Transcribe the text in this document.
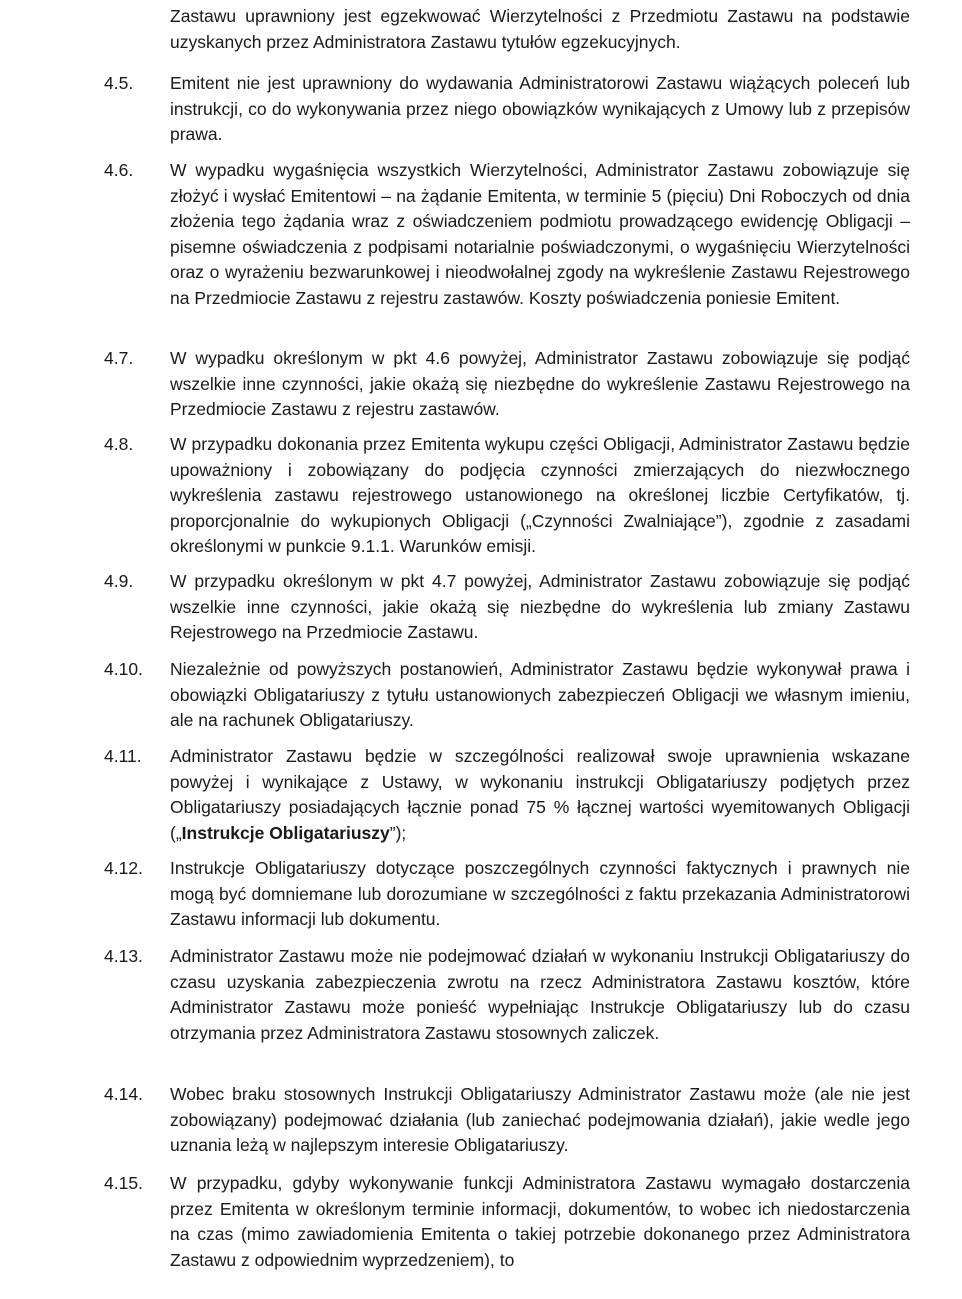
Zastawu uprawniony jest egzekwować Wierzytelności z Przedmiotu Zastawu na podstawie uzyskanych przez Administratora Zastawu tytułów egzekucyjnych.

4.5. Emitent nie jest uprawniony do wydawania Administratorowi Zastawu wiążących poleceń lub instrukcji, co do wykonywania przez niego obowiązków wynikających z Umowy lub z przepisów prawa.

4.6. W wypadku wygaśnięcia wszystkich Wierzytelności, Administrator Zastawu zobowiązuje się złożyć i wysłać Emitentowi – na żądanie Emitenta, w terminie 5 (pięciu) Dni Roboczych od dnia złożenia tego żądania wraz z oświadczeniem podmiotu prowadzącego ewidencję Obligacji – pisemne oświadczenia z podpisami notarialnie poświadczonymi, o wygaśnięciu Wierzytelności oraz o wyrażeniu bezwarunkowej i nieodwołalnej zgody na wykreślenie Zastawu Rejestrowego na Przedmiocie Zastawu z rejestru zastawów. Koszty poświadczenia poniesie Emitent.

4.7. W wypadku określonym w pkt 4.6 powyżej, Administrator Zastawu zobowiązuje się podjąć wszelkie inne czynności, jakie okażą się niezbędne do wykreślenie Zastawu Rejestrowego na Przedmiocie Zastawu z rejestru zastawów.

4.8. W przypadku dokonania przez Emitenta wykupu części Obligacji, Administrator Zastawu będzie upoważniony i zobowiązany do podjęcia czynności zmierzających do niezwłocznego wykreślenia zastawu rejestrowego ustanowionego na określonej liczbie Certyfikatów, tj. proporcjonalnie do wykupionych Obligacji („Czynności Zwalniające”), zgodnie z zasadami określonymi w punkcie 9.1.1. Warunków emisji.

4.9. W przypadku określonym w pkt 4.7 powyżej, Administrator Zastawu zobowiązuje się podjąć wszelkie inne czynności, jakie okażą się niezbędne do wykreślenia lub zmiany Zastawu Rejestrowego na Przedmiocie Zastawu.

4.10. Niezależnie od powyższych postanowień, Administrator Zastawu będzie wykonywał prawa i obowiązki Obligatariuszy z tytułu ustanowionych zabezpieczeń Obligacji we własnym imieniu, ale na rachunek Obligatariuszy.

4.11. Administrator Zastawu będzie w szczególności realizował swoje uprawnienia wskazane powyżej i wynikające z Ustawy, w wykonaniu instrukcji Obligatariuszy podjętych przez Obligatariuszy posiadających łącznie ponad 75 % łącznej wartości wyemitowanych Obligacji („Instrukcje Obligatariuszy”);

4.12. Instrukcje Obligatariuszy dotyczące poszczególnych czynności faktycznych i prawnych nie mogą być domniemane lub dorozumiane w szczególności z faktu przekazania Administratorowi Zastawu informacji lub dokumentu.

4.13. Administrator Zastawu może nie podejmować działań w wykonaniu Instrukcji Obligatariuszy do czasu uzyskania zabezpieczenia zwrotu na rzecz Administratora Zastawu kosztów, które Administrator Zastawu może ponieść wypełniając Instrukcje Obligatariuszy lub do czasu otrzymania przez Administratora Zastawu stosownych zaliczek.

4.14. Wobec braku stosownych Instrukcji Obligatariuszy Administrator Zastawu może (ale nie jest zobowiązany) podejmować działania (lub zaniechać podejmowania działań), jakie wedle jego uznania leżą w najlepszym interesie Obligatariuszy.

4.15. W przypadku, gdyby wykonywanie funkcji Administratora Zastawu wymagało dostarczenia przez Emitenta w określonym terminie informacji, dokumentów, to wobec ich niedostarczenia na czas (mimo zawiadomienia Emitenta o takiej potrzebie dokonanego przez Administratora Zastawu z odpowiednim wyprzedzeniem), to
